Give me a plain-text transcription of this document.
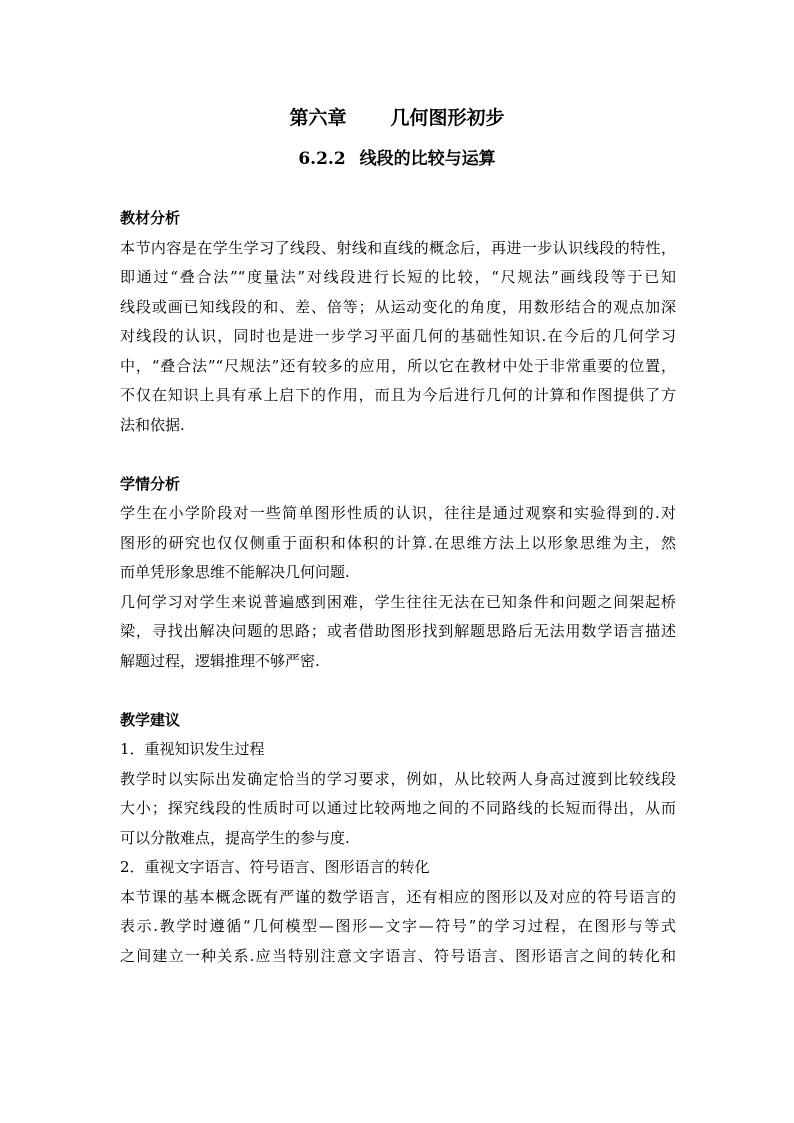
第六章 几何图形初步
6.2.2 线段的比较与运算
教材分析
本节内容是在学生学习了线段、射线和直线的概念后，再进一步认识线段的特性，
即通过“叠合法”“度量法”对线段进行长短的比较，“尺规法”画线段等于已知
线段或画已知线段的和、差、倍等；从运动变化的角度，用数形结合的观点加深
对线段的认识，同时也是进一步学习平面几何的基础性知识.在今后的几何学习
中，“叠合法”“尺规法”还有较多的应用，所以它在教材中处于非常重要的位置，
不仅在知识上具有承上启下的作用，而且为今后进行几何的计算和作图提供了方
法和依据.
学情分析
学生在小学阶段对一些简单图形性质的认识，往往是通过观察和实验得到的.对
图形的研究也仅仅侧重于面积和体积的计算.在思维方法上以形象思维为主，然
而单凭形象思维不能解决几何问题.
几何学习对学生来说普遍感到困难，学生往往无法在已知条件和问题之间架起桥
梁，寻找出解决问题的思路；或者借助图形找到解题思路后无法用数学语言描述
解题过程，逻辑推理不够严密.
教学建议
1．重视知识发生过程
教学时以实际出发确定恰当的学习要求，例如，从比较两人身高过渡到比较线段
大小；探究线段的性质时可以通过比较两地之间的不同路线的长短而得出，从而
可以分散难点，提高学生的参与度.
2．重视文字语言、符号语言、图形语言的转化
本节课的基本概念既有严谨的数学语言，还有相应的图形以及对应的符号语言的
表示.教学时遵循“几何模型—图形—文字—符号”的学习过程，在图形与等式
之间建立一种关系.应当特别注意文字语言、符号语言、图形语言之间的转化和
